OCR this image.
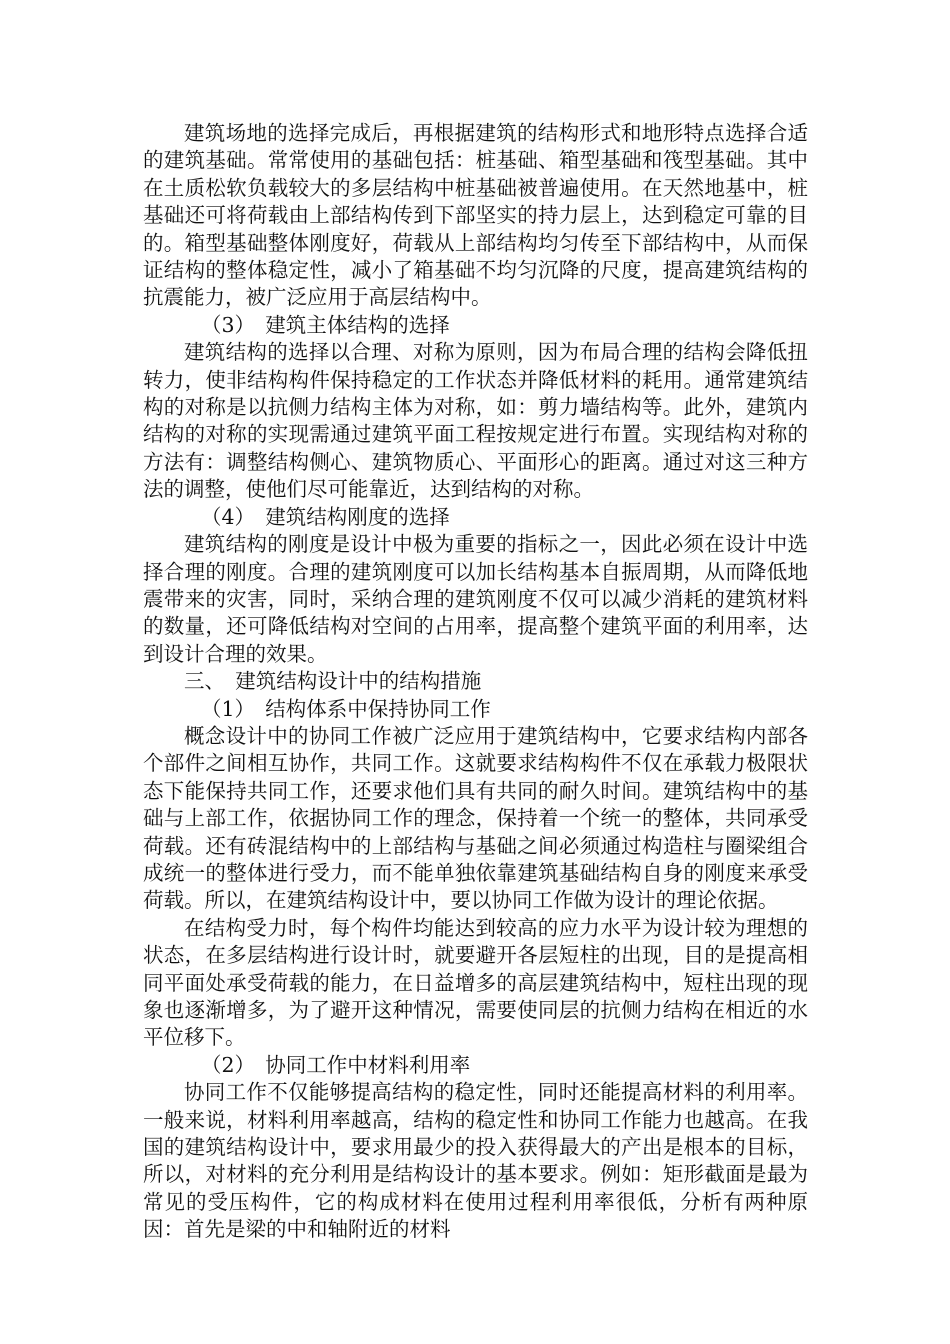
建筑场地的选择完成后，再根据建筑的结构形式和地形特点选择合适的建筑基础。常常使用的基础包括：桩基础、箱型基础和筏型基础。其中在土质松软负载较大的多层结构中桩基础被普遍使用。在天然地基中，桩基础还可将荷载由上部结构传到下部坚实的持力层上，达到稳定可靠的目的。箱型基础整体刚度好，荷载从上部结构均匀传至下部结构中，从而保证结构的整体稳定性，减小了箱基础不均匀沉降的尺度，提高建筑结构的抗震能力，被广泛应用于高层结构中。

（3）　建筑主体结构的选择

建筑结构的选择以合理、对称为原则，因为布局合理的结构会降低扭转力，使非结构构件保持稳定的工作状态并降低材料的耗用。通常建筑结构的对称是以抗侧力结构主体为对称，如：剪力墙结构等。此外，建筑内结构的对称的实现需通过建筑平面工程按规定进行布置。实现结构对称的方法有：调整结构侧心、建筑物质心、平面形心的距离。通过对这三种方法的调整，使他们尽可能靠近，达到结构的对称。

（4）　建筑结构刚度的选择

建筑结构的刚度是设计中极为重要的指标之一，因此必须在设计中选择合理的刚度。合理的建筑刚度可以加长结构基本自振周期，从而降低地震带来的灾害，同时，采纳合理的建筑刚度不仅可以减少消耗的建筑材料的数量，还可降低结构对空间的占用率，提高整个建筑平面的利用率，达到设计合理的效果。

三、　建筑结构设计中的结构措施

（1）　结构体系中保持协同工作

概念设计中的协同工作被广泛应用于建筑结构中，它要求结构内部各个部件之间相互协作，共同工作。这就要求结构构件不仅在承载力极限状态下能保持共同工作，还要求他们具有共同的耐久时间。建筑结构中的基础与上部工作，依据协同工作的理念，保持着一个统一的整体，共同承受荷载。还有砖混结构中的上部结构与基础之间必须通过构造柱与圈梁组合成统一的整体进行受力，而不能单独依靠建筑基础结构自身的刚度来承受荷载。所以，在建筑结构设计中，要以协同工作做为设计的理论依据。

在结构受力时，每个构件均能达到较高的应力水平为设计较为理想的状态，在多层结构进行设计时，就要避开各层短柱的出现，目的是提高相同平面处承受荷载的能力，在日益增多的高层建筑结构中，短柱出现的现象也逐渐增多，为了避开这种情况，需要使同层的抗侧力结构在相近的水平位移下。

（2）　协同工作中材料利用率

协同工作不仅能够提高结构的稳定性，同时还能提高材料的利用率。一般来说，材料利用率越高，结构的稳定性和协同工作能力也越高。在我国的建筑结构设计中，要求用最少的投入获得最大的产出是根本的目标，所以，对材料的充分利用是结构设计的基本要求。例如：矩形截面是最为常见的受压构件，它的构成材料在使用过程利用率很低，分析有两种原因：首先是梁的中和轴附近的材料
